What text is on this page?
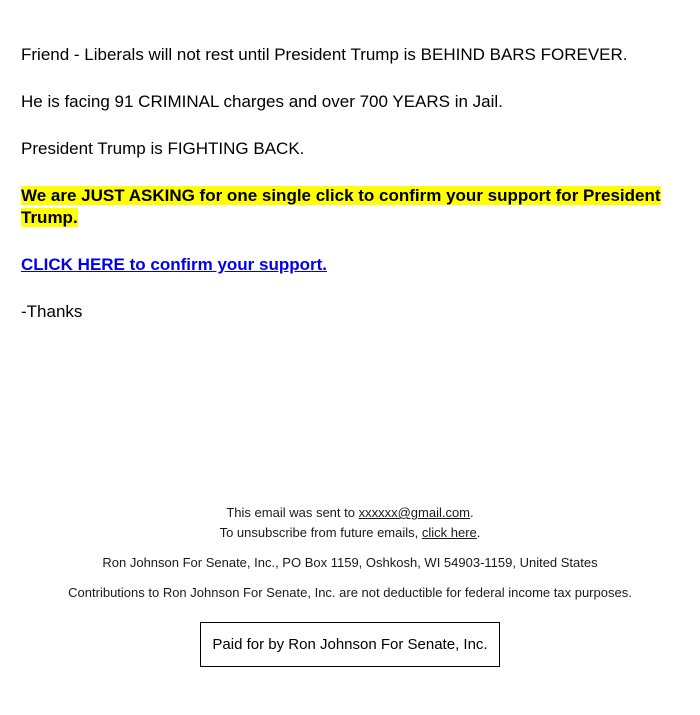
Friend - Liberals will not rest until President Trump is BEHIND BARS FOREVER.

He is facing 91 CRIMINAL charges and over 700 YEARS in Jail.

President Trump is FIGHTING BACK.

We are JUST ASKING for one single click to confirm your support for President Trump.

CLICK HERE to confirm your support.

-Thanks

This email was sent to xxxxxx@gmail.com.
To unsubscribe from future emails, click here.
Ron Johnson For Senate, Inc., PO Box 1159, Oshkosh, WI 54903-1159, United States
Contributions to Ron Johnson For Senate, Inc. are not deductible for federal income tax purposes.
Paid for by Ron Johnson For Senate, Inc.
